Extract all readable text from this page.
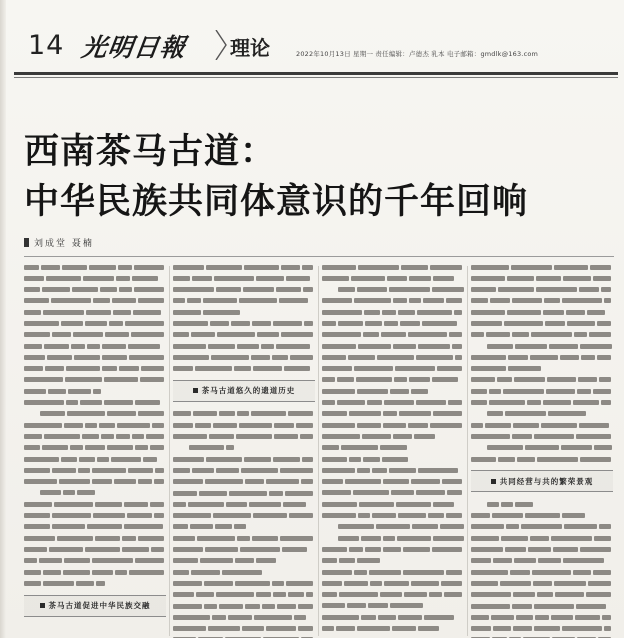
14 光明日報 理论	2022年10月13日 星期一 责任编辑：卢德杰 乳本 电子邮箱：gmdlk@163.com
西南茶马古道：
中华民族共同体意识的千年回响
刘成堂 聂楠
茶马古道促进中华民族交融
茶马古道悠久的遗道历史
共同经营与共的繁荣景观
